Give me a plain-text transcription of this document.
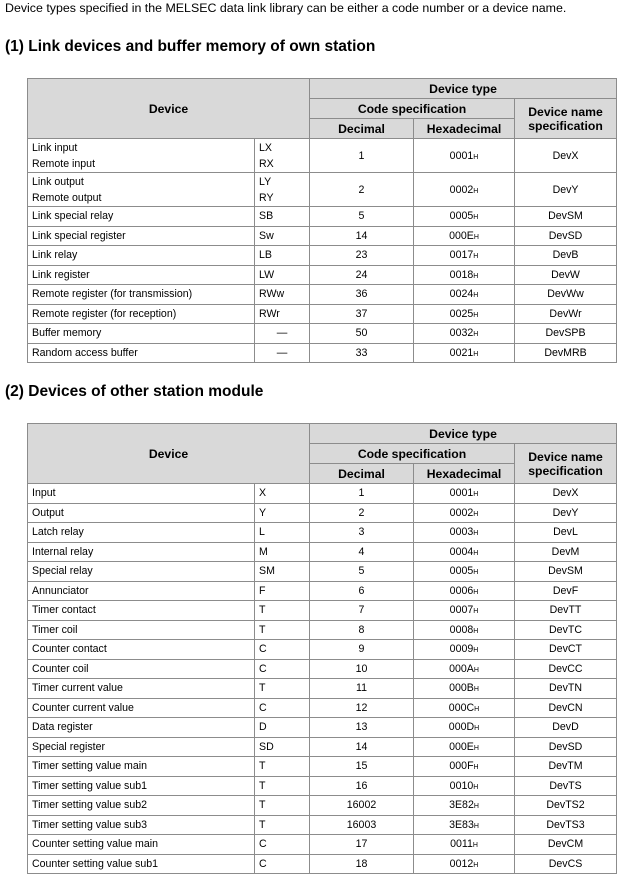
Device types specified in the MELSEC data link library can be either a code number or a device name.
(1) Link devices and buffer memory of own station
Device		Device type		
		Code specification		Device name
specification
		Decimal	Hexadecimal	

Link input
Remote input	LX
RX	1	0001H	DevX

Link output
Remote output	LY
RY	2	0002H	DevY
Link special relay	SB	5	0005H	DevSM
Link special register	Sw	14	000EH	DevSD
Link relay	LB	23	0017H	DevB
Link register	LW	24	0018H	DevW
Remote register (for transmission)	RWw	36	0024H	DevWw
Remote register (for reception)	RWr	37	0025H	DevWr
Buffer memory	—	50	0032H	DevSPB
Random access buffer	—	33	0021H	DevMRB
(2) Devices of other station module
Device		Device type		
		Code specification		Device name
specification
		Decimal	Hexadecimal	
Input	X	1	0001H	DevX
Output	Y	2	0002H	DevY
Latch relay	L	3	0003H	DevL
Internal relay	M	4	0004H	DevM
Special relay	SM	5	0005H	DevSM
Annunciator	F	6	0006H	DevF
Timer contact	T	7	0007H	DevTT
Timer coil	T	8	0008H	DevTC
Counter contact	C	9	0009H	DevCT
Counter coil	C	10	000AH	DevCC
Timer current value	T	11	000BH	DevTN
Counter current value	C	12	000CH	DevCN
Data register	D	13	000DH	DevD
Special register	SD	14	000EH	DevSD
Timer setting value main	T	15	000FH	DevTM
Timer setting value sub1	T	16	0010H	DevTS
Timer setting value sub2	T	16002	3E82H	DevTS2
Timer setting value sub3	T	16003	3E83H	DevTS3
Counter setting value main	C	17	0011H	DevCM
Counter setting value sub1	C	18	0012H	DevCS
